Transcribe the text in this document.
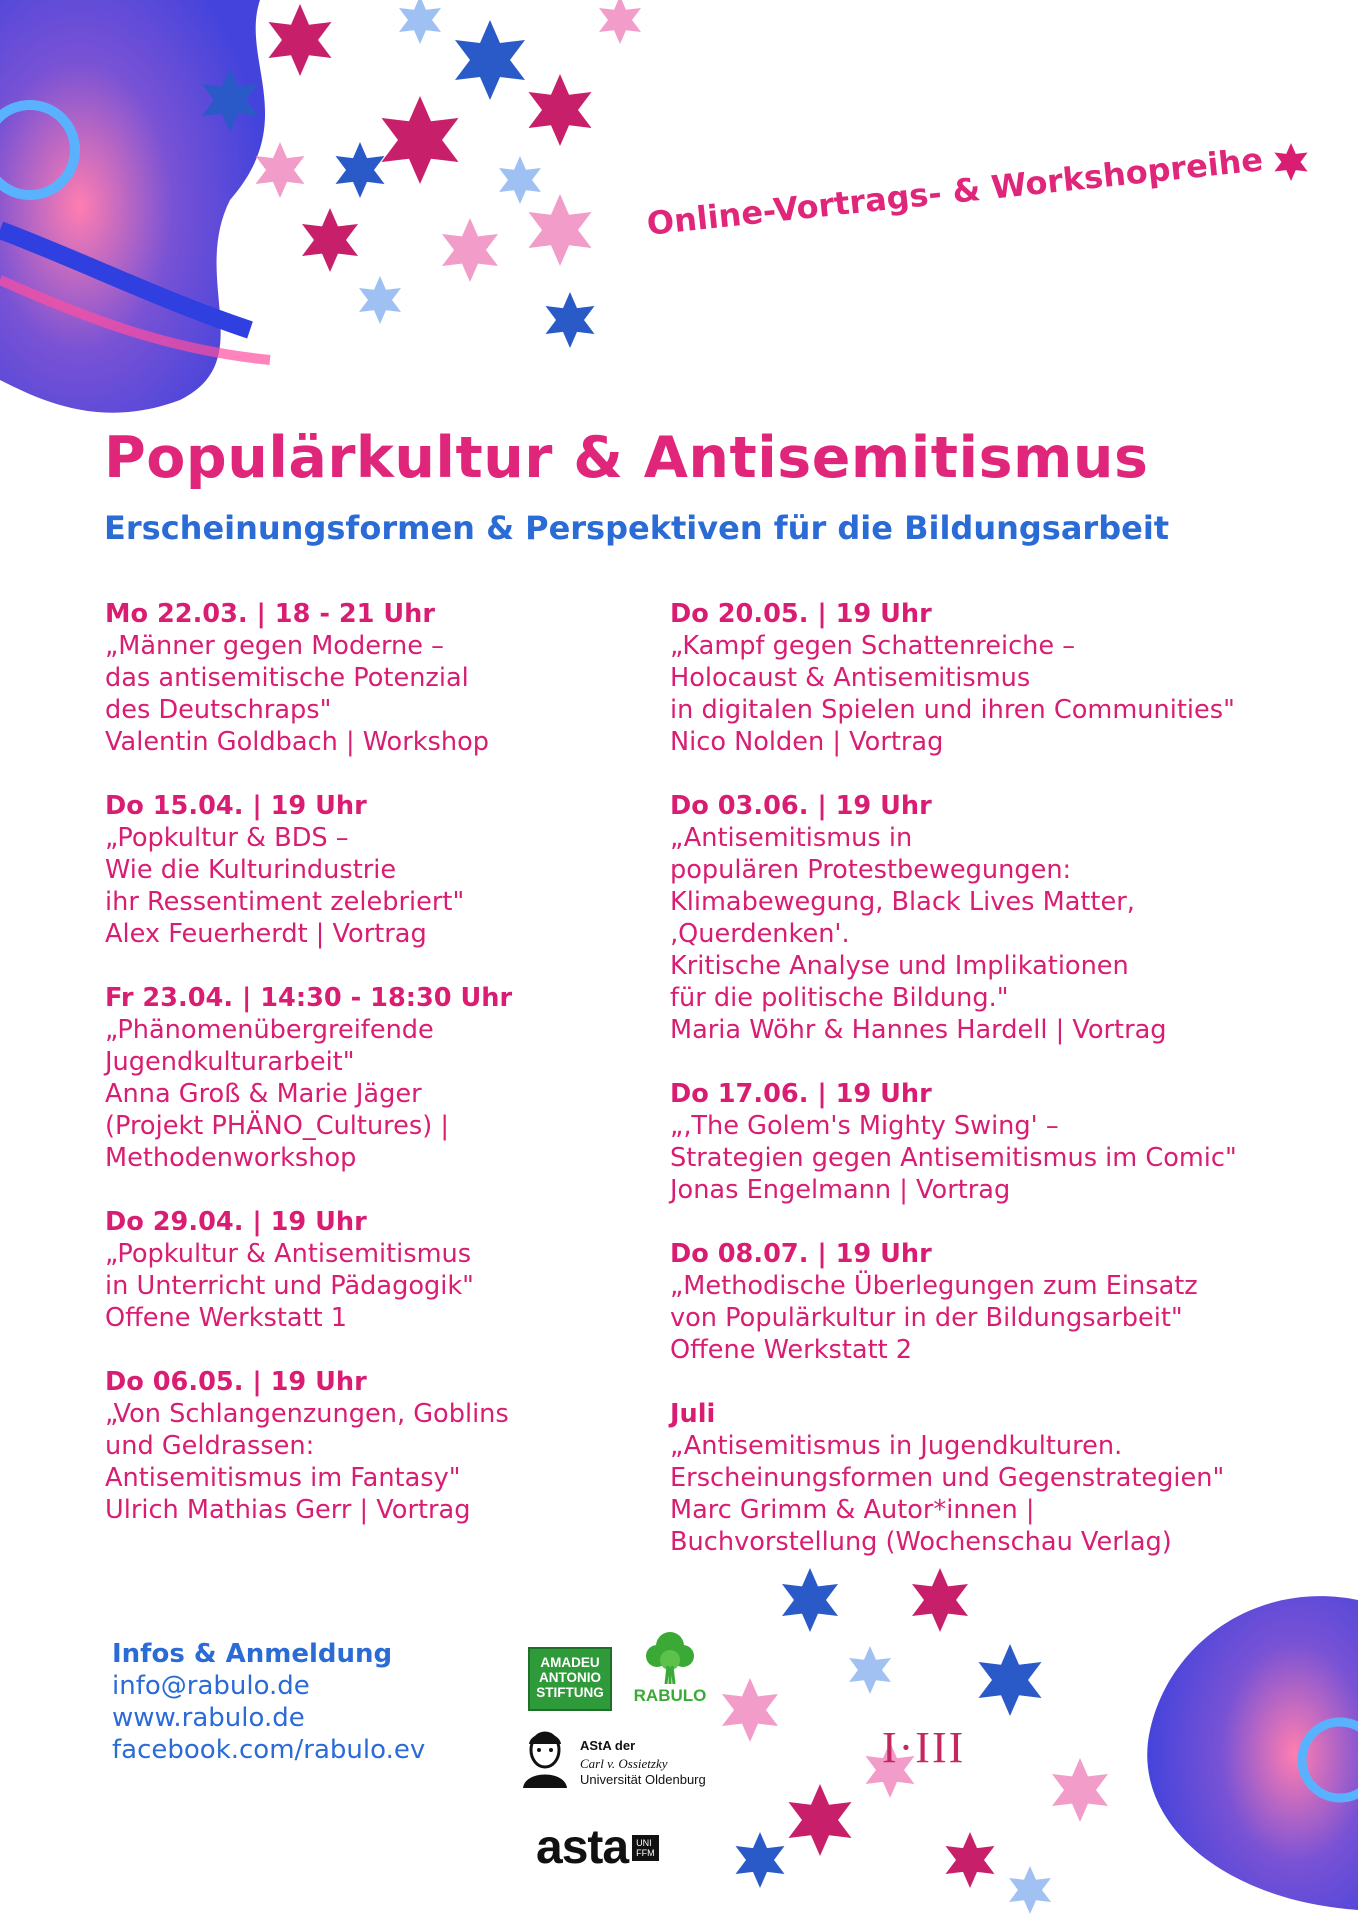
Online-Vortrags- & Workshopreihe
Populärkultur & Antisemitismus
Erscheinungsformen & Perspektiven für die Bildungsarbeit
Mo 22.03. | 18 - 21 Uhr
„Männer gegen Moderne –
das antisemitische Potenzial
des Deutschraps"
Valentin Goldbach | Workshop
Do 15.04. | 19 Uhr
„Popkultur & BDS –
Wie die Kulturindustrie
ihr Ressentiment zelebriert"
Alex Feuerherdt | Vortrag
Fr 23.04. | 14:30 - 18:30 Uhr
„Phänomenübergreifende
Jugendkulturarbeit"
Anna Groß & Marie Jäger
(Projekt PHÄNO_Cultures) |
Methodenworkshop
Do 29.04. | 19 Uhr
„Popkultur & Antisemitismus
in Unterricht und Pädagogik"
Offene Werkstatt 1
Do 06.05. | 19 Uhr
„Von Schlangenzungen, Goblins
und Geldrassen:
Antisemitismus im Fantasy"
Ulrich Mathias Gerr | Vortrag
Do 20.05. | 19 Uhr
„Kampf gegen Schattenreiche –
Holocaust & Antisemitismus
in digitalen Spielen und ihren Communities"
Nico Nolden | Vortrag
Do 03.06. | 19 Uhr
„Antisemitismus in
populären Protestbewegungen:
Klimabewegung, Black Lives Matter,
‚Querdenken'.
Kritische Analyse und Implikationen
für die politische Bildung."
Maria Wöhr & Hannes Hardell | Vortrag
Do 17.06. | 19 Uhr
„‚The Golem's Mighty Swing' –
Strategien gegen Antisemitismus im Comic"
Jonas Engelmann | Vortrag
Do 08.07. | 19 Uhr
„Methodische Überlegungen zum Einsatz
von Populärkultur in der Bildungsarbeit"
Offene Werkstatt 2
Juli
„Antisemitismus in Jugendkulturen.
Erscheinungsformen und Gegenstrategien"
Marc Grimm & Autor*innen |
Buchvorstellung (Wochenschau Verlag)
Infos & Anmeldung
info@rabulo.de
www.rabulo.de
facebook.com/rabulo.ev
AMADEU
ANTONIO
STIFTUNG	RABULO
AStA der
Carl v. Ossietzky
Universität Oldenburg
asta UNI
FFM
I·III
